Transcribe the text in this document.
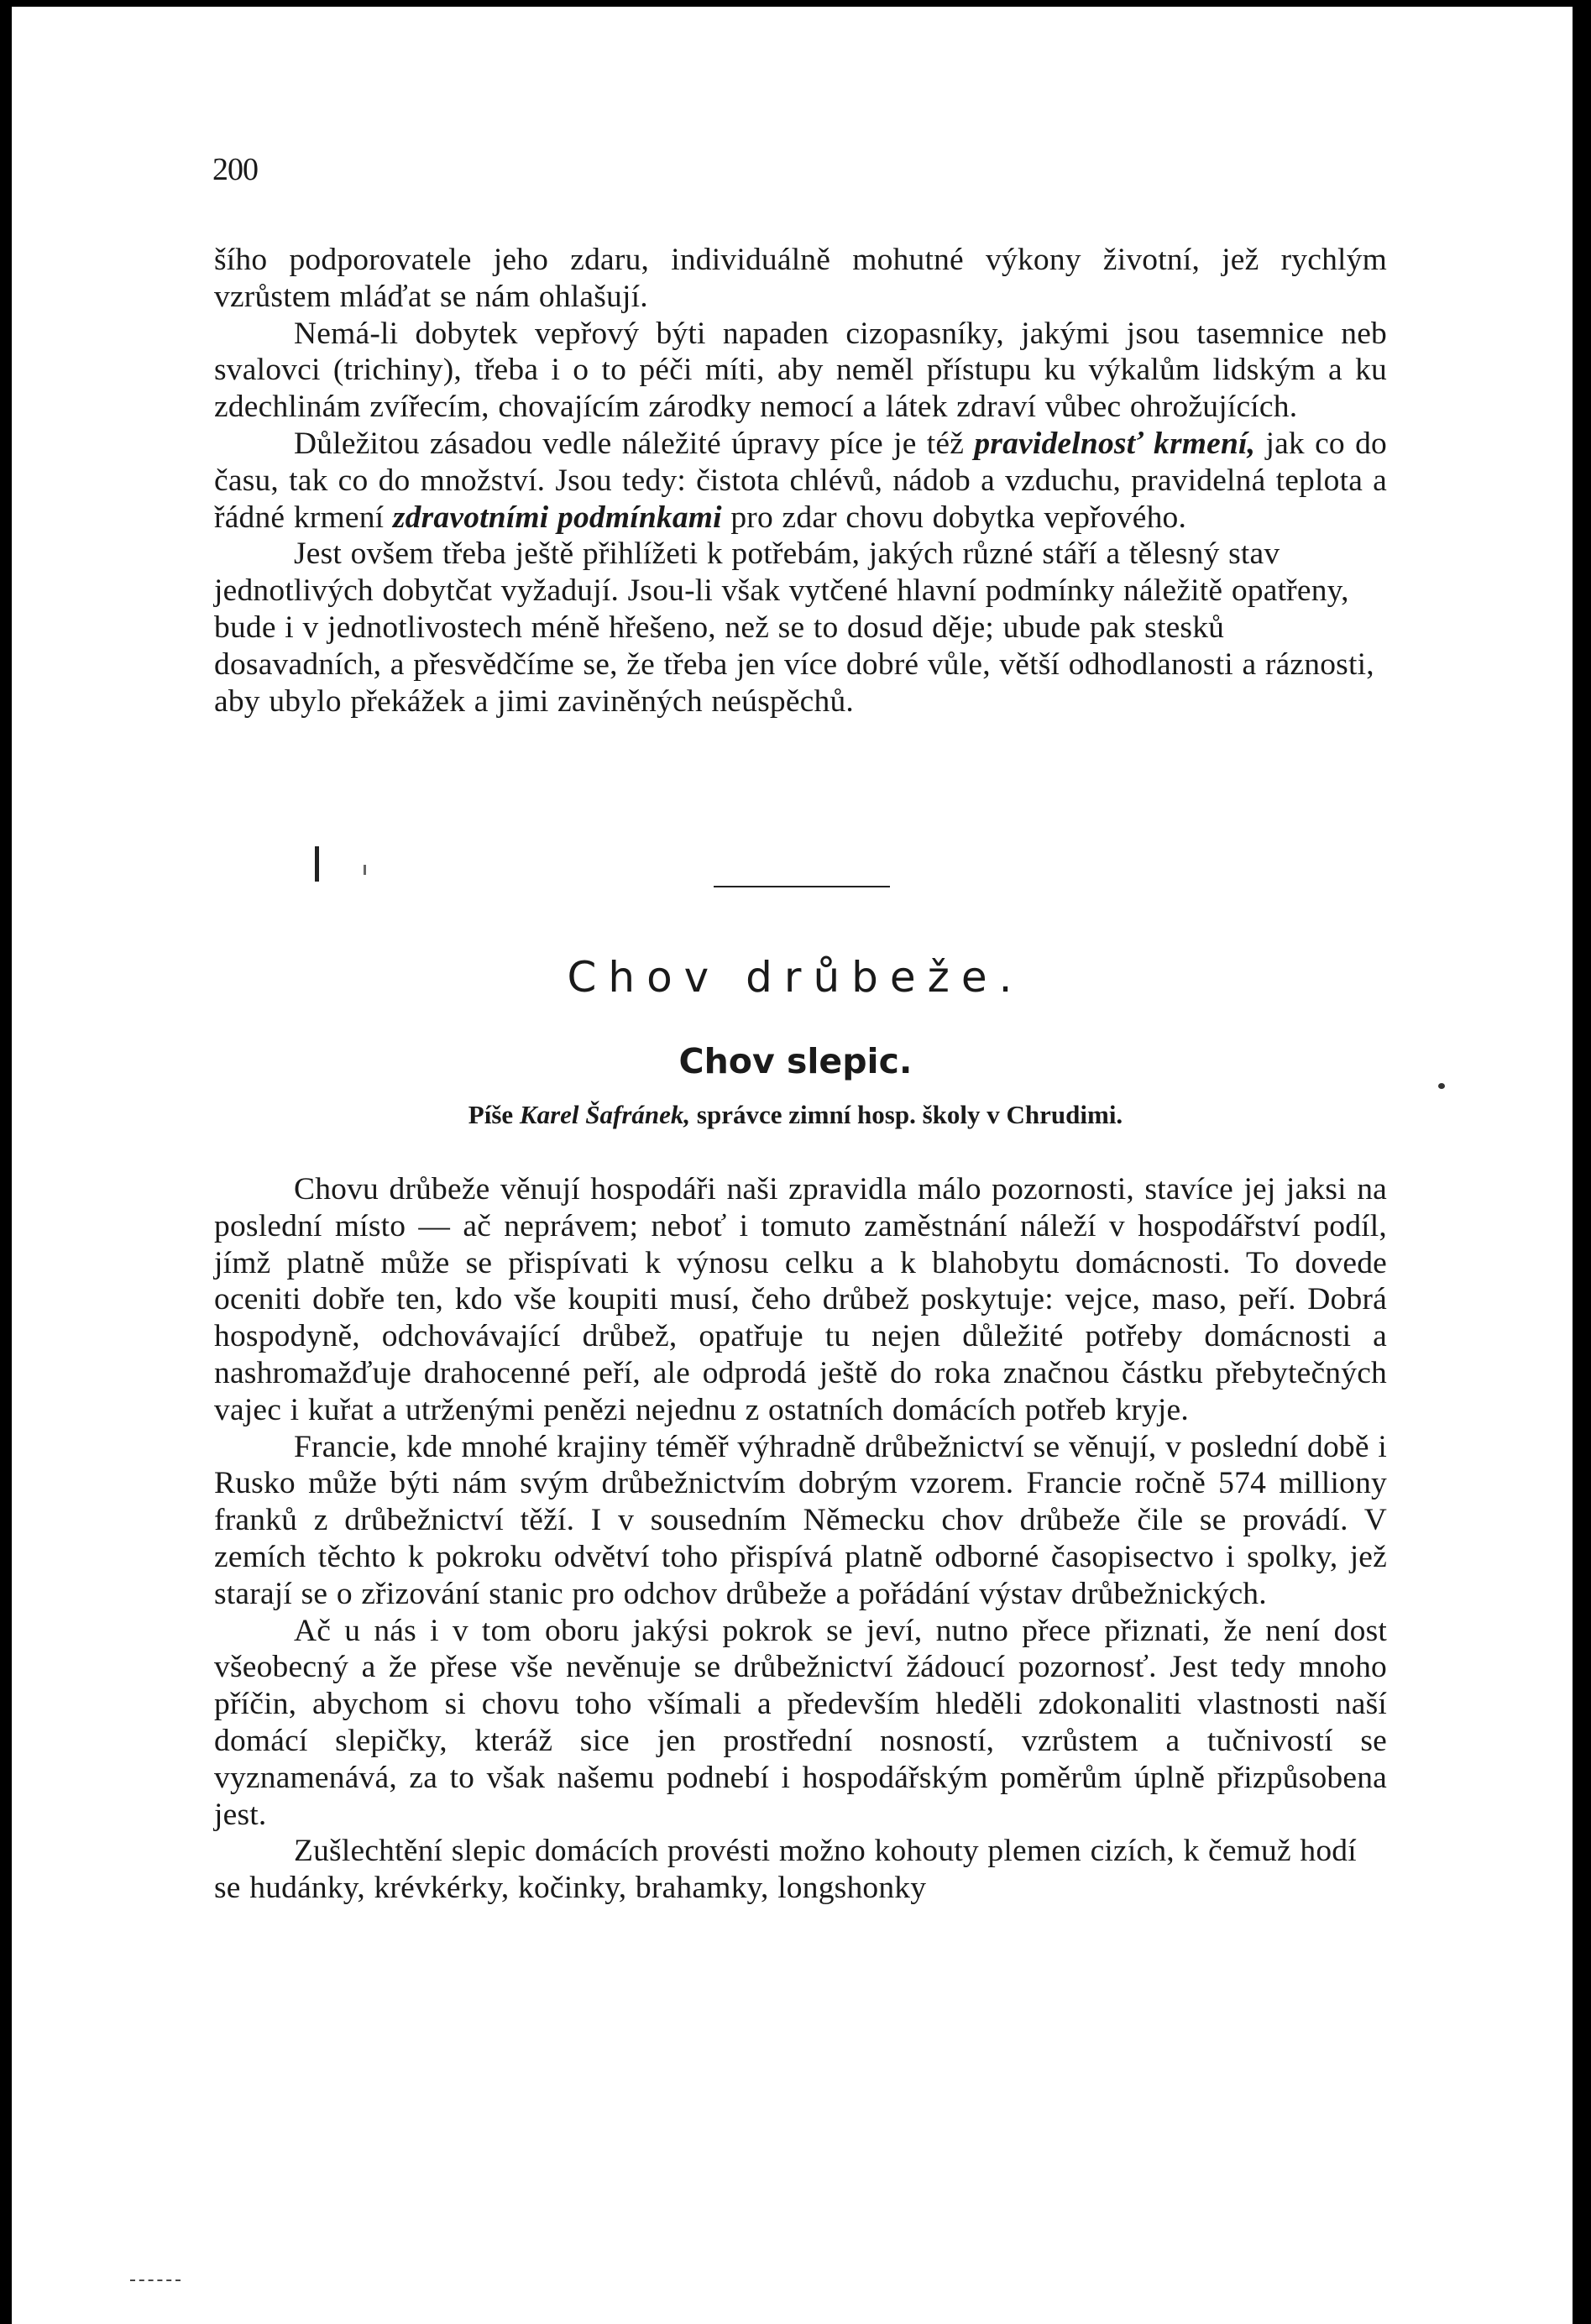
200

šího podporovatele jeho zdaru, individuálně mohutné výkony životní, jež rychlým vzrůstem mláďat se nám ohlašují.

Nemá-li dobytek vepřový býti napaden cizopasníky, jakými jsou tasemnice neb svalovci (trichiny), třeba i o to péči míti, aby neměl přístupu ku výkalům lidským a ku zdechlinám zvířecím, chovajícím zárodky nemocí a látek zdraví vůbec ohrožujících.

Důležitou zásadou vedle náležité úpravy píce je též pravidelnosť krmení, jak co do času, tak co do množství. Jsou tedy: čistota chlévů, nádob a vzduchu, pravidelná teplota a řádné krmení zdravotními podmínkami pro zdar chovu dobytka vepřového.

Jest ovšem třeba ještě přihlížeti k potřebám, jakých různé stáří a tělesný stav jednotlivých dobytčat vyžadují. Jsou-li však vytčené hlavní podmínky náležitě opatřeny, bude i v jednotlivostech méně hřešeno, než se to dosud děje; ubude pak stesků dosavadních, a přesvědčíme se, že třeba jen více dobré vůle, větší odhodlanosti a ráznosti, aby ubylo překážek a jimi zaviněných neúspěchů.

Chov drůbeže.
Chov slepic.
Píše Karel Šafránek, správce zimní hosp. školy v Chrudimi.

Chovu drůbeže věnují hospodáři naši zpravidla málo pozornosti, stavíce jej jaksi na poslední místo — ač neprávem; neboť i tomuto zaměstnání náleží v hospodářství podíl, jímž platně může se přispívati k výnosu celku a k blahobytu domácnosti. To dovede oceniti dobře ten, kdo vše koupiti musí, čeho drůbež poskytuje: vejce, maso, peří. Dobrá hospodyně, odchovávající drůbež, opatřuje tu nejen důležité potřeby domácnosti a nashromažďuje drahocenné peří, ale odprodá ještě do roka značnou částku přebytečných vajec i kuřat a utrženými penězi nejednu z ostatních domácích potřeb kryje.

Francie, kde mnohé krajiny téměř výhradně drůbežnictví se věnují, v poslední době i Rusko může býti nám svým drůbežnictvím dobrým vzorem. Francie ročně 574 milliony franků z drůbežnictví těží. I v sousedním Německu chov drůbeže čile se provádí. V zemích těchto k pokroku odvětví toho přispívá platně odborné časopisectvo i spolky, jež starají se o zřizování stanic pro odchov drůbeže a pořádání výstav drůbežnických.

Ač u nás i v tom oboru jakýsi pokrok se jeví, nutno přece přiznati, že není dost všeobecný a že přese vše nevěnuje se drůbežnictví žádoucí pozornosť. Jest tedy mnoho příčin, abychom si chovu toho všímali a především hleděli zdokonaliti vlastnosti naší domácí slepičky, kteráž sice jen prostřední nosností, vzrůstem a tučnivostí se vyznamenává, za to však našemu podnebí i hospodářským poměrům úplně přizpůsobena jest.

Zušlechtění slepic domácích provésti možno kohouty plemen cizích, k čemuž hodí se hudánky, krévkérky, kočinky, brahamky, longshonky
